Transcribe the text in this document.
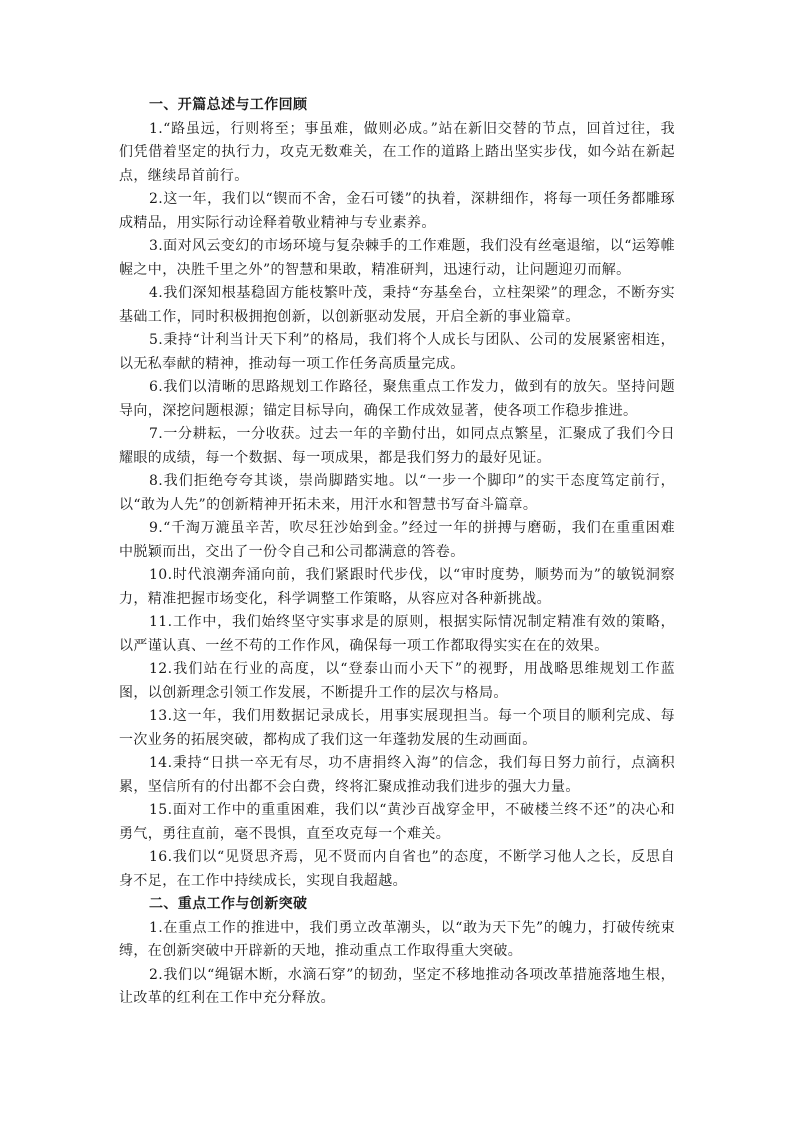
一、开篇总述与工作回顾

1.“路虽远，行则将至；事虽难，做则必成。”站在新旧交替的节点，回首过往，我们凭借着坚定的执行力，攻克无数难关，在工作的道路上踏出坚实步伐，如今站在新起点，继续昂首前行。

2.这一年，我们以“锲而不舍，金石可镂”的执着，深耕细作，将每一项任务都雕琢成精品，用实际行动诠释着敬业精神与专业素养。

3.面对风云变幻的市场环境与复杂棘手的工作难题，我们没有丝毫退缩，以“运筹帷幄之中，决胜千里之外”的智慧和果敢，精准研判，迅速行动，让问题迎刃而解。

4.我们深知根基稳固方能枝繁叶茂，秉持“夯基垒台，立柱架梁”的理念，不断夯实基础工作，同时积极拥抱创新，以创新驱动发展，开启全新的事业篇章。

5.秉持“计利当计天下利”的格局，我们将个人成长与团队、公司的发展紧密相连，以无私奉献的精神，推动每一项工作任务高质量完成。

6.我们以清晰的思路规划工作路径，聚焦重点工作发力，做到有的放矢。坚持问题导向，深挖问题根源；锚定目标导向，确保工作成效显著，使各项工作稳步推进。

7.一分耕耘，一分收获。过去一年的辛勤付出，如同点点繁星，汇聚成了我们今日耀眼的成绩，每一个数据、每一项成果，都是我们努力的最好见证。

8.我们拒绝夸夸其谈，崇尚脚踏实地。以“一步一个脚印”的实干态度笃定前行，以“敢为人先”的创新精神开拓未来，用汗水和智慧书写奋斗篇章。

9.“千淘万漉虽辛苦，吹尽狂沙始到金。”经过一年的拼搏与磨砺，我们在重重困难中脱颖而出，交出了一份令自己和公司都满意的答卷。

10.时代浪潮奔涌向前，我们紧跟时代步伐，以“审时度势，顺势而为”的敏锐洞察力，精准把握市场变化，科学调整工作策略，从容应对各种新挑战。

11.工作中，我们始终坚守实事求是的原则，根据实际情况制定精准有效的策略，以严谨认真、一丝不苟的工作作风，确保每一项工作都取得实实在在的效果。

12.我们站在行业的高度，以“登泰山而小天下”的视野，用战略思维规划工作蓝图，以创新理念引领工作发展，不断提升工作的层次与格局。

13.这一年，我们用数据记录成长，用事实展现担当。每一个项目的顺利完成、每一次业务的拓展突破，都构成了我们这一年蓬勃发展的生动画面。

14.秉持“日拱一卒无有尽，功不唐捐终入海”的信念，我们每日努力前行，点滴积累，坚信所有的付出都不会白费，终将汇聚成推动我们进步的强大力量。

15.面对工作中的重重困难，我们以“黄沙百战穿金甲，不破楼兰终不还”的决心和勇气，勇往直前，毫不畏惧，直至攻克每一个难关。

16.我们以“见贤思齐焉，见不贤而内自省也”的态度，不断学习他人之长，反思自身不足，在工作中持续成长，实现自我超越。

二、重点工作与创新突破

1.在重点工作的推进中，我们勇立改革潮头，以“敢为天下先”的魄力，打破传统束缚，在创新突破中开辟新的天地，推动重点工作取得重大突破。

2.我们以“绳锯木断，水滴石穿”的韧劲，坚定不移地推动各项改革措施落地生根，让改革的红利在工作中充分释放。
